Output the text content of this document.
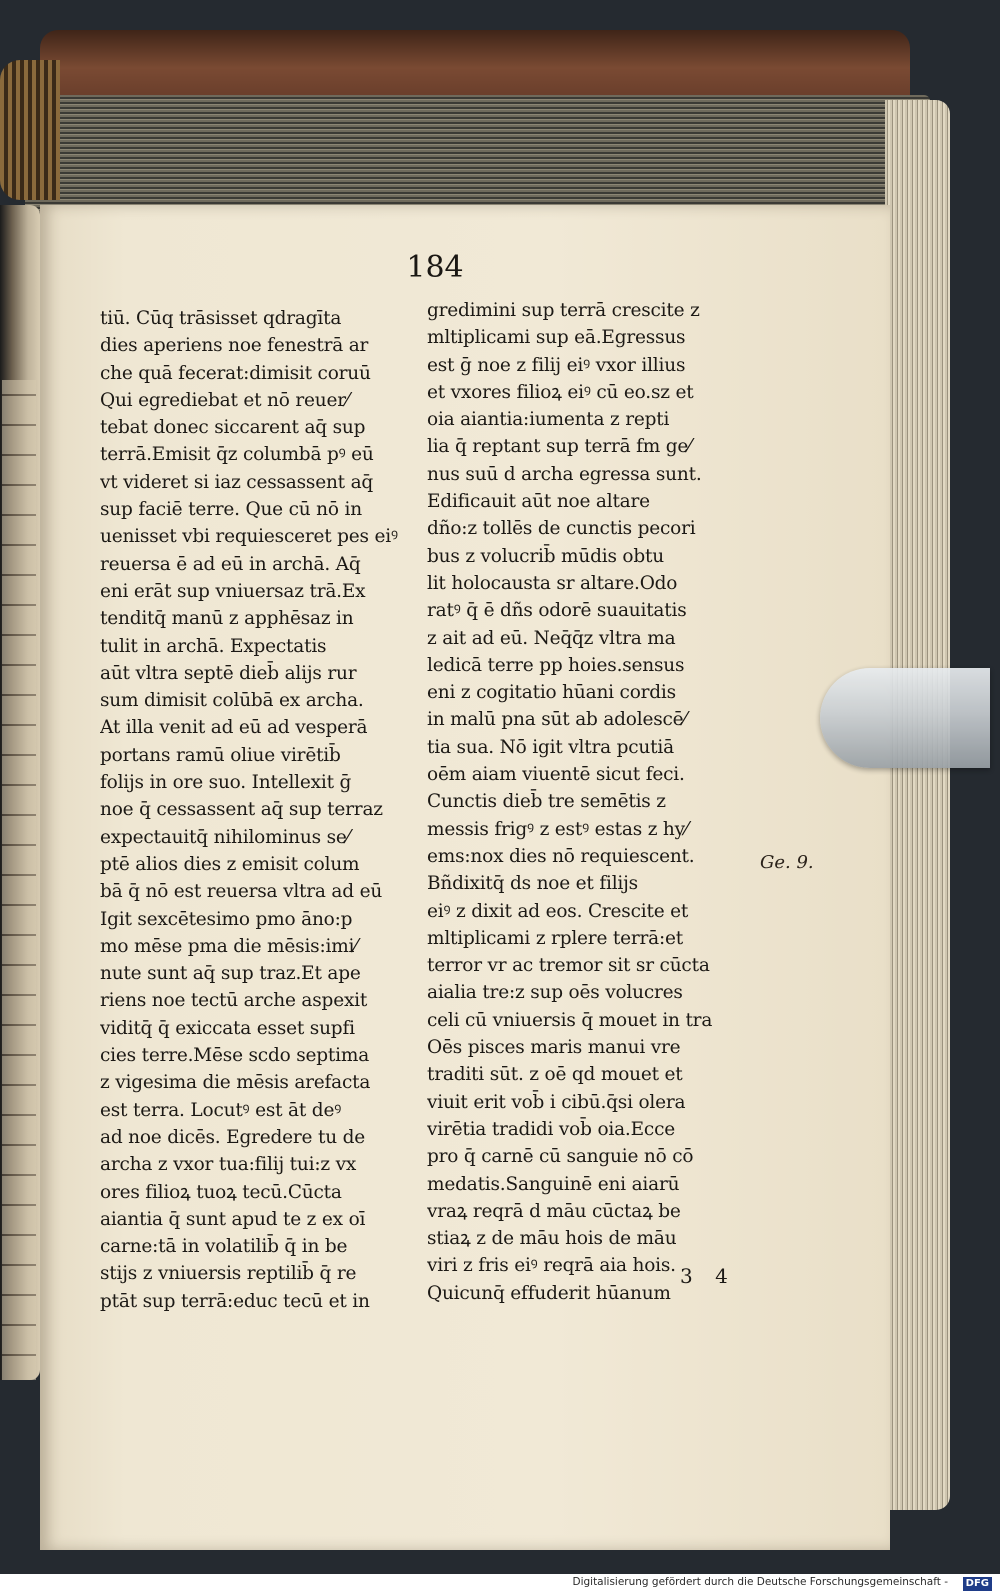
184
tiū. Cūq trāsisset qdragīta
dies aperiens noe fenestrā ar
che quā fecerat:dimisit coruū
Qui egrediebat et nō reuer⁄
tebat donec siccarent aq̄ sup
terrā.Emisit q̄z columbā pꝰ eū
vt videret si iaz cessassent aq̄
sup faciē terre. Que cū nō in
uenisset vbi requiesceret pes eiꝰ
reuersa ē ad eū in archā. Aq̄
eni erāt sup vniuersaz trā.Ex
tenditq̄ manū z apphēsaz in
tulit in archā. Expectatis
aūt vltra septē dieb̄ alijs rur
sum dimisit colūbā ex archa.
At illa venit ad eū ad vesperā
portans ramū oliue virētib̄
folijs in ore suo. Intellexit ḡ
noe q̄ cessassent aq̄ sup terraz
expectauitq̄ nihilominus se⁄
ptē alios dies z emisit colum
bā q̄ nō est reuersa vltra ad eū
Igit sexcētesimo pmo āno:p
mo mēse pma die mēsis:imi⁄
nute sunt aq̄ sup traz.Et ape
riens noe tectū arche aspexit
viditq̄ q̄ exiccata esset supfi
cies terre.Mēse scdo septima
z vigesima die mēsis arefacta
est terra. Locutꝰ est āt deꝰ
ad noe dicēs. Egredere tu de
archa z vxor tua:filij tui:z vx
ores filioꝝ tuoꝝ tecū.Cūcta
aiantia q̄ sunt apud te z ex oī
carne:tā in volatilib̄ q̄ in be
stijs z vniuersis reptilib̄ q̄ re
ptāt sup terrā:educ tecū et in
gredimini sup terrā crescite z
mltiplicami sup eā.Egressus
est ḡ noe z filij eiꝰ vxor illius
et vxores filioꝝ eiꝰ cū eo.sz et
oia aiantia:iumenta z repti
lia q̄ reptant sup terrā fm ge⁄
nus suū d archa egressa sunt.
Edificauit aūt noe altare
dño:z tollēs de cunctis pecori
bus z volucrib̄ mūdis obtu
lit holocausta sr altare.Odo
ratꝰ q̄ ē dñs odorē suauitatis
z ait ad eū. Neq̄q̄z vltra ma
ledicā terre pp hoies.sensus
eni z cogitatio hūani cordis
in malū pna sūt ab adolescē⁄
tia sua. Nō igit vltra pcutiā
oēm aiam viuentē sicut feci.
Cunctis dieb̄ tre semētis z
messis frigꝰ z estꝰ estas z hy⁄
ems:nox dies nō requiescent.
Bñdixitq̄ ds noe et filijs
eiꝰ z dixit ad eos. Crescite et
mltiplicami z rplere terrā:et
terror vr ac tremor sit sr cūcta
aialia tre:z sup oēs volucres
celi cū vniuersis q̄ mouet in tra
Oēs pisces maris manui vre
traditi sūt. z oē qd mouet et
viuit erit vob̄ i cibū.q̄si olera
virētia tradidi vob̄ oia.Ecce
pro q̄ carnē cū sanguie nō cō
medatis.Sanguinē eni aiarū
vraꝝ reqrā d māu cūctaꝝ be
stiaꝝ z de māu hois de māu
viri z fris eiꝰ reqrā aia hois.
Quicunq̄ effuderit hūanum
Ge. 9.
3 4
Digitalisierung gefördert durch die Deutsche Forschungsgemeinschaft -	DFG
